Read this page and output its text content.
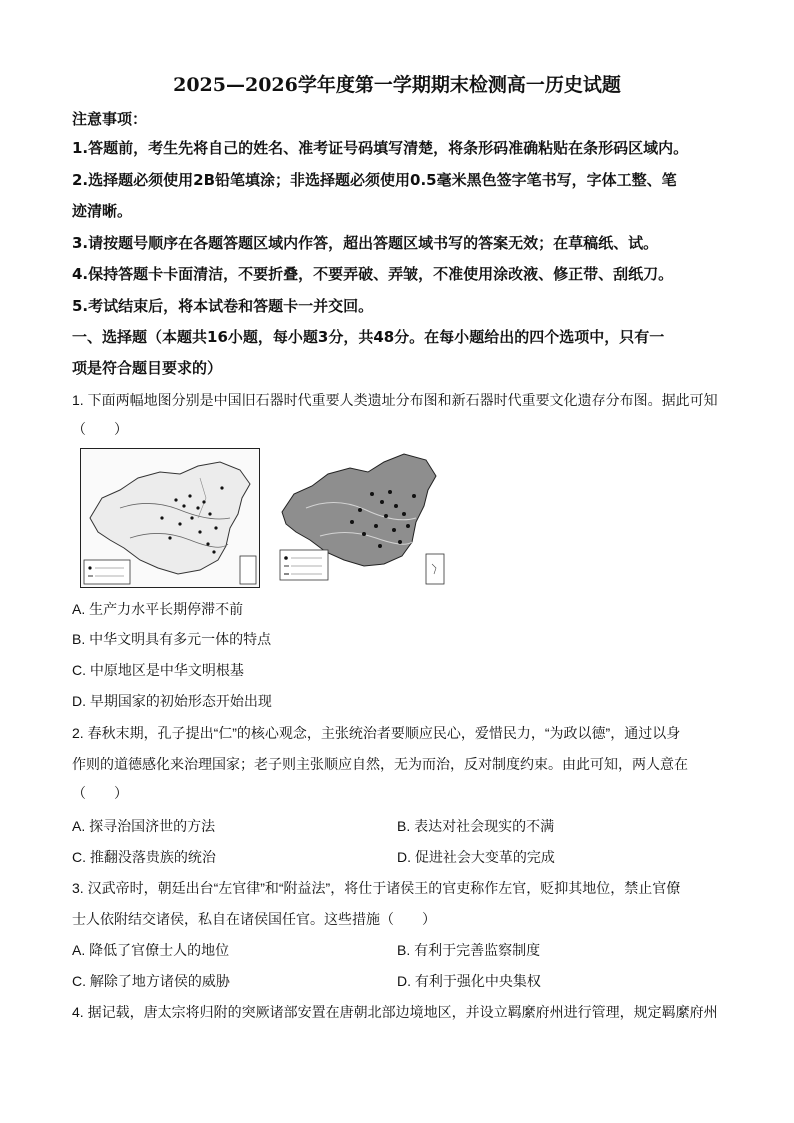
2025—2026学年度第一学期期末检测高一历史试题
注意事项：
1.答题前，考生先将自己的姓名、准考证号码填写清楚，将条形码准确粘贴在条形码区域内。
2.选择题必须使用2B铅笔填涂；非选择题必须使用0.5毫米黑色签字笔书写，字体工整、笔
迹清晰。
3.请按题号顺序在各题答题区域内作答，超出答题区域书写的答案无效；在草稿纸、试。
4.保持答题卡卡面清洁，不要折叠，不要弄破、弄皱，不准使用涂改液、修正带、刮纸刀。
5.考试结束后，将本试卷和答题卡一并交回。
一、选择题（本题共16小题，每小题3分，共48分。在每小题给出的四个选项中，只有一
项是符合题目要求的）
1. 下面两幅地图分别是中国旧石器时代重要人类遗址分布图和新石器时代重要文化遗存分布图。据此可知
（　　）
A. 生产力水平长期停滞不前
B. 中华文明具有多元一体的特点
C. 中原地区是中华文明根基
D. 早期国家的初始形态开始出现
2. 春秋末期，孔子提出“仁”的核心观念，主张统治者要顺应民心，爱惜民力，“为政以德”，通过以身
作则的道德感化来治理国家；老子则主张顺应自然，无为而治，反对制度约束。由此可知，两人意在
（　　）
A. 探寻治国济世的方法	B. 表达对社会现实的不满
C. 推翻没落贵族的统治	D. 促进社会大变革的完成
3. 汉武帝时，朝廷出台“左官律”和“附益法”，将仕于诸侯王的官吏称作左官，贬抑其地位，禁止官僚
士人依附结交诸侯，私自在诸侯国任官。这些措施（　　）
A. 降低了官僚士人的地位	B. 有利于完善监察制度
C. 解除了地方诸侯的威胁	D. 有利于强化中央集权
4. 据记载，唐太宗将归附的突厥诸部安置在唐朝北部边境地区，并设立羁縻府州进行管理，规定羁縻府州
